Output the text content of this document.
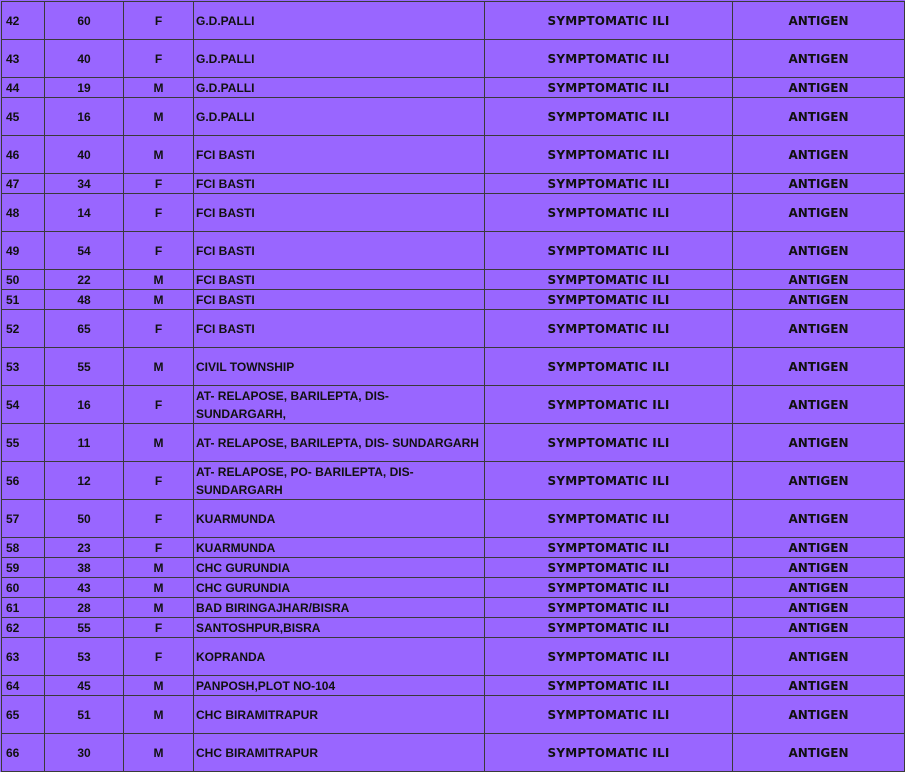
42	60	F	G.D.PALLI	SYMPTOMATIC ILI	ANTIGEN
43	40	F	G.D.PALLI	SYMPTOMATIC ILI	ANTIGEN
44	19	M	G.D.PALLI	SYMPTOMATIC ILI	ANTIGEN
45	16	M	G.D.PALLI	SYMPTOMATIC ILI	ANTIGEN
46	40	M	FCI BASTI	SYMPTOMATIC ILI	ANTIGEN
47	34	F	FCI BASTI	SYMPTOMATIC ILI	ANTIGEN
48	14	F	FCI BASTI	SYMPTOMATIC ILI	ANTIGEN
49	54	F	FCI BASTI	SYMPTOMATIC ILI	ANTIGEN
50	22	M	FCI BASTI	SYMPTOMATIC ILI	ANTIGEN
51	48	M	FCI BASTI	SYMPTOMATIC ILI	ANTIGEN
52	65	F	FCI BASTI	SYMPTOMATIC ILI	ANTIGEN
53	55	M	CIVIL TOWNSHIP	SYMPTOMATIC ILI	ANTIGEN
54	16	F	AT- RELAPOSE, BARILEPTA, DIS- SUNDARGARH,	SYMPTOMATIC ILI	ANTIGEN
55	11	M	AT- RELAPOSE, BARILEPTA, DIS- SUNDARGARH	SYMPTOMATIC ILI	ANTIGEN
56	12	F	AT- RELAPOSE, PO- BARILEPTA, DIS- SUNDARGARH	SYMPTOMATIC ILI	ANTIGEN
57	50	F	KUARMUNDA	SYMPTOMATIC ILI	ANTIGEN
58	23	F	KUARMUNDA	SYMPTOMATIC ILI	ANTIGEN
59	38	M	CHC GURUNDIA	SYMPTOMATIC ILI	ANTIGEN
60	43	M	CHC GURUNDIA	SYMPTOMATIC ILI	ANTIGEN
61	28	M	BAD BIRINGAJHAR/BISRA	SYMPTOMATIC ILI	ANTIGEN
62	55	F	SANTOSHPUR,BISRA	SYMPTOMATIC ILI	ANTIGEN
63	53	F	KOPRANDA	SYMPTOMATIC ILI	ANTIGEN
64	45	M	PANPOSH,PLOT NO-104	SYMPTOMATIC ILI	ANTIGEN
65	51	M	CHC BIRAMITRAPUR	SYMPTOMATIC ILI	ANTIGEN
66	30	M	CHC BIRAMITRAPUR	SYMPTOMATIC ILI	ANTIGEN
